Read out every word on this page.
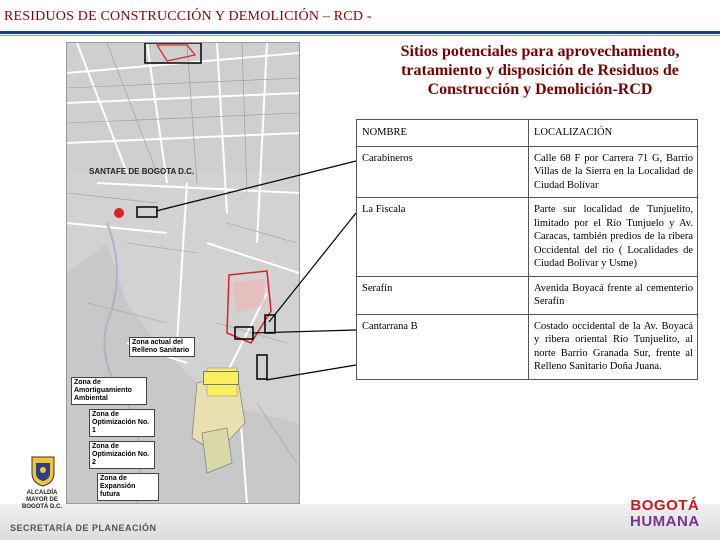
RESIDUOS DE CONSTRUCCIÓN Y DEMOLICIÓN – RCD -
SANTAFE DE BOGOTA D.C.
Zona actual del Relleno Sanitario
Zona de Amortiguamiento Ambiental
Zona de Optimización No. 1
Zona de Optimización No. 2
Zona de Expansión futura
Sitios potenciales para aprovechamiento, tratamiento y disposición de Residuos de Construcción y Demolición-RCD
NOMBRE	LOCALIZACIÓN
Carabineros	Calle 68 F por Carrera 71 G, Barrio Villas de la Sierra en la Localidad de Ciudad Bolívar
La Fiscala	Parte sur localidad de Tunjuelito, limitado por el Río Tunjuelo y Av. Caracas, también predios de la ribera Occidental del río ( Localidades de Ciudad Bolívar y Usme)
Serafín	Avenida Boyacá frente al cementerio Serafín
Cantarrana B	Costado occidental de la Av. Boyacá y ribera oriental Río Tunjuelito, al norte Barrio Granada Sur, frente al Relleno Sanitario Doña Juana.
ALCALDÍA MAYOR DE BOGOTÁ D.C.
SECRETARÍA DE PLANEACIÓN
BOGOTÁ
HUMANA
